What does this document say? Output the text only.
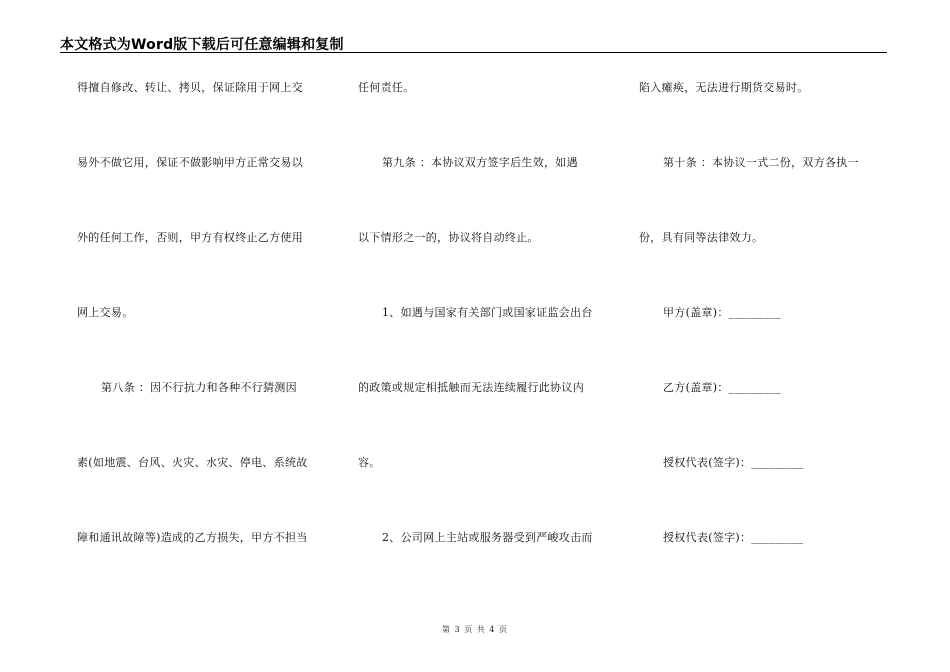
本文格式为Word版下载后可任意编辑和复制
得擅自修改、转让、拷贝，保证除用于网上交
易外不做它用，保证不做影响甲方正常交易以
外的任何工作，否则，甲方有权终止乙方使用
网上交易。
第八条 ：因不行抗力和各种不行猜测因
素(如地震、台风、火灾、水灾、停电、系统故
障和通讯故障等)造成的乙方损失，甲方不担当
任何责任。
第九条 ：本协议双方签字后生效，如遇
以下情形之一的，协议将自动终止。
1、如遇与国家有关部门或国家证监会出台
的政策或规定相抵触而无法连续履行此协议内
容。
2、公司网上主站或服务器受到严峻攻击而
陷入瘫痪，无法进行期货交易时。
第十条 ：本协议一式二份，双方各执一
份，具有同等法律效力。
甲方(盖章)：_________
乙方(盖章)：_________
授权代表(签字)：_________
授权代表(签字)：_________
第 3 页 共 4 页
